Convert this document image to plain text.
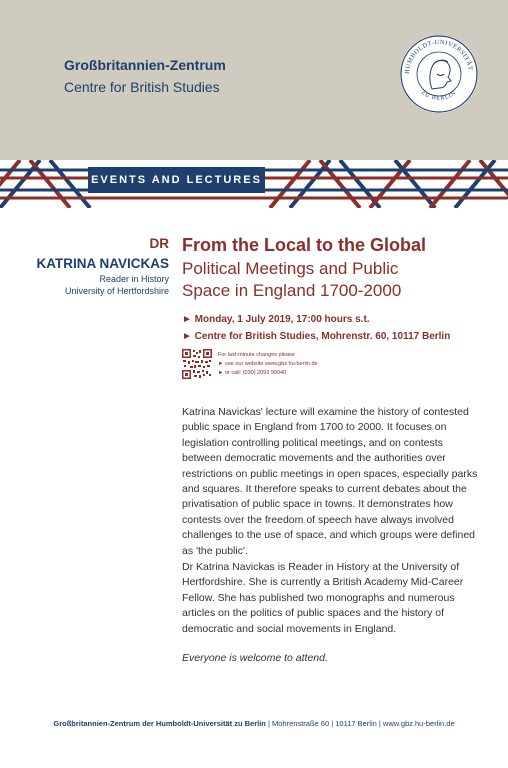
Großbritannien-Zentrum
Centre for British Studies
HUMBOLDT-UNIVERSITÄT
ZU BERLIN
EVENTS AND LECTURES
DR
KATRINA NAVICKAS
Reader in History
University of Hertfordshire
From the Local to the Global
Political Meetings and Public
Space in England 1700-2000
► Monday, 1 July 2019, 17:00 hours s.t.
► Centre for British Studies, Mohrenstr. 60, 10117 Berlin
For last-minute changes please
► see our website www.gbz.hu-berlin.de
► or call: (030) 2093 99040

Katrina Navickas' lecture will examine the history of contested public space in England from 1700 to 2000. It focuses on legislation controlling political meetings, and on contests between democratic movements and the authorities over restrictions on public meetings in open spaces, especially parks and squares. It therefore speaks to current debates about the privatisation of public space in towns. It demonstrates how contests over the freedom of speech have always involved challenges to the use of space, and which groups were defined as 'the public'.

Dr Katrina Navickas is Reader in History at the University of Hertfordshire. She is currently a British Academy Mid-Career Fellow. She has published two monographs and numerous articles on the politics of public spaces and the history of democratic and social movements in England.

Everyone is welcome to attend.
Großbritannien-Zentrum der Humboldt-Universität zu Berlin | Mohrenstraße 60 | 10117 Berlin | www.gbz.hu-berlin.de
